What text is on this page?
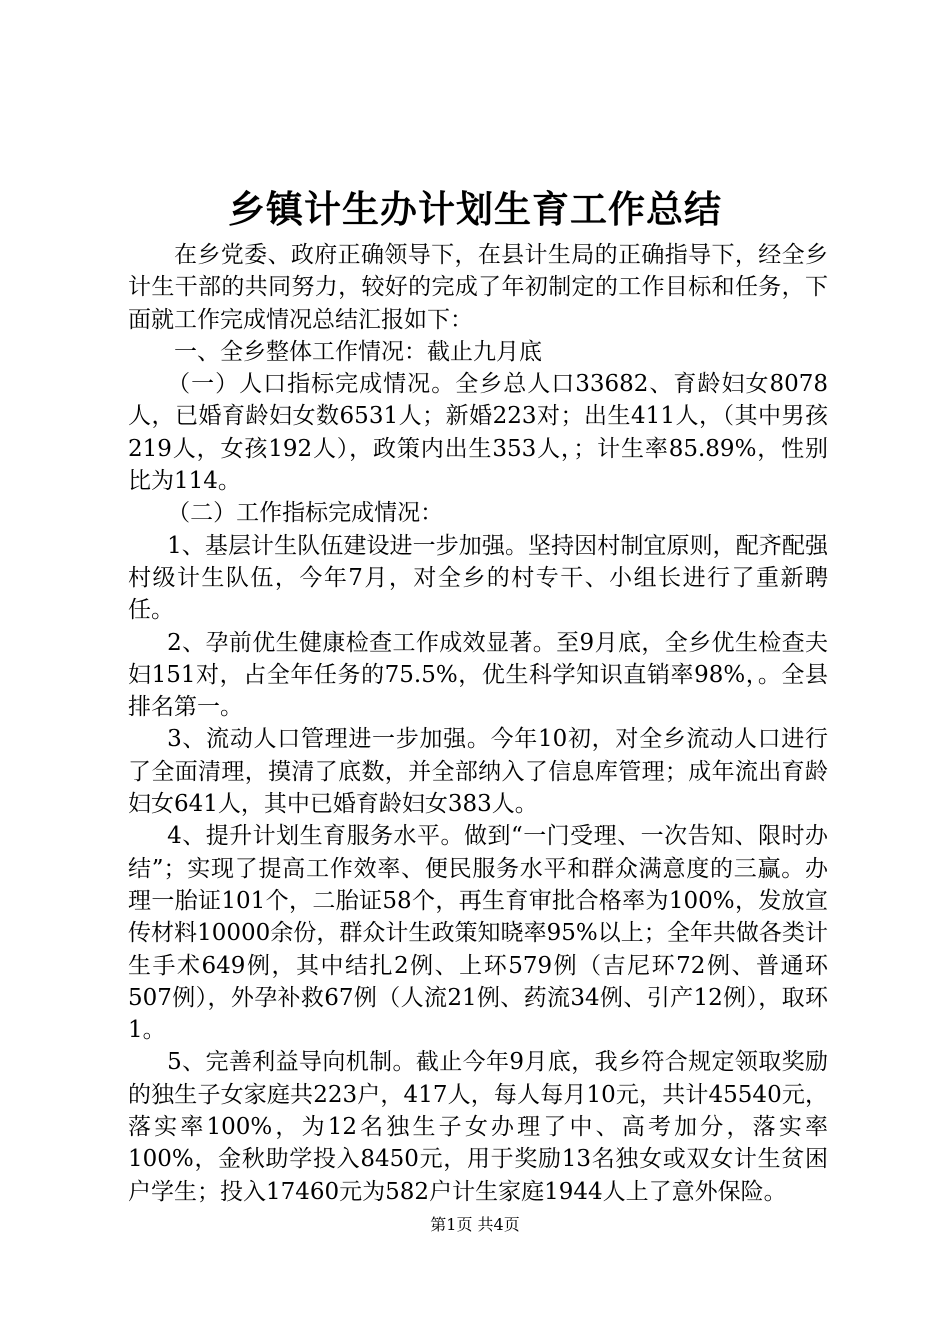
乡镇计生办计划生育工作总结

在乡党委、政府正确领导下，在县计生局的正确指导下，经全乡计生干部的共同努力，较好的完成了年初制定的工作目标和任务，下面就工作完成情况总结汇报如下：

一、全乡整体工作情况：截止九月底

（一）人口指标完成情况。全乡总人口33682、育龄妇女8078人，已婚育龄妇女数6531人；新婚223对；出生411人，（其中男孩219人，女孩192人），政策内出生353人，；计生率85.89%，性别比为114。

（二）工作指标完成情况：

1、基层计生队伍建设进一步加强。坚持因村制宜原则，配齐配强村级计生队伍，今年7月，对全乡的村专干、小组长进行了重新聘任。

2、孕前优生健康检查工作成效显著。至9月底，全乡优生检查夫妇151对，占全年任务的75.5%，优生科学知识直销率98%，。全县排名第一。

3、流动人口管理进一步加强。今年10初，对全乡流动人口进行了全面清理，摸清了底数，并全部纳入了信息库管理；成年流出育龄妇女641人，其中已婚育龄妇女383人。

4、提升计划生育服务水平。做到“一门受理、一次告知、限时办结”；实现了提高工作效率、便民服务水平和群众满意度的三赢。办理一胎证101个，二胎证58个，再生育审批合格率为100%，发放宣传材料10000余份，群众计生政策知晓率95%以上；全年共做各类计生手术649例，其中结扎2例、上环579例（吉尼环72例、普通环507例），外孕补救67例（人流21例、药流34例、引产12例），取环1。

5、完善利益导向机制。截止今年9月底，我乡符合规定领取奖励的独生子女家庭共223户，417人，每人每月10元，共计45540元，落实率100%，为12名独生子女办理了中、高考加分，落实率100%，金秋助学投入8450元，用于奖励13名独女或双女计生贫困户学生；投入17460元为582户计生家庭1944人上了意外保险。

第1页 共4页
